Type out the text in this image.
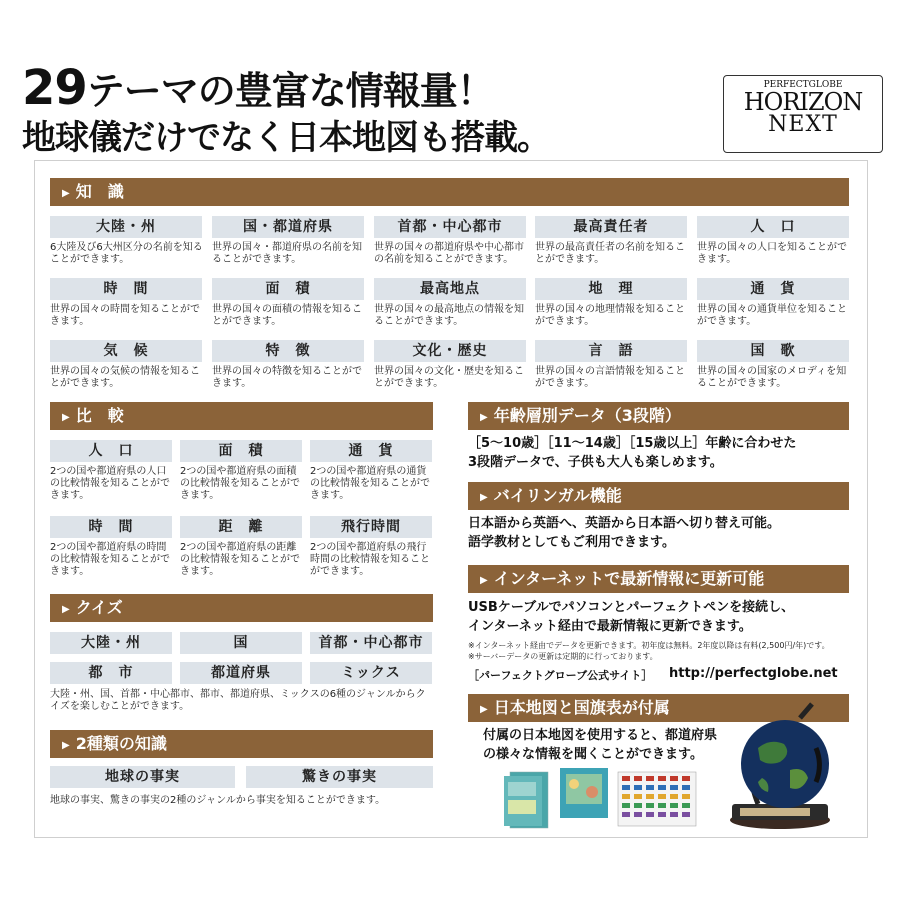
29テーマの豊富な情報量！
地球儀だけでなく日本地図も搭載。
PERFECTGLOBE
HORIZON
NEXT
▶ 知　識
大陸・州
6大陸及び6大州区分の名前を知ることができます。
国・都道府県
世界の国々・都道府県の名前を知ることができます。
首都・中心都市
世界の国々の都道府県や中心都市の名前を知ることができます。
最高責任者
世界の最高責任者の名前を知ることができます。
人　口
世界の国々の人口を知ることができます。
時　間
世界の国々の時間を知ることができます。
面　積
世界の国々の面積の情報を知ることができます。
最高地点
世界の国々の最高地点の情報を知ることができます。
地　理
世界の国々の地理情報を知ることができます。
通　貨
世界の国々の通貨単位を知ることができます。
気　候
世界の国々の気候の情報を知ることができます。
特　徴
世界の国々の特徴を知ることができます。
文化・歴史
世界の国々の文化・歴史を知ることができます。
言　語
世界の国々の言語情報を知ることができます。
国　歌
世界の国々の国家のメロディを知ることができます。
▶ 比　較
人　口
2つの国や都道府県の人口の比較情報を知ることができます。
面　積
2つの国や都道府県の面積の比較情報を知ることができます。
通　貨
2つの国や都道府県の通貨の比較情報を知ることができます。
時　間
2つの国や都道府県の時間の比較情報を知ることができます。
距　離
2つの国や都道府県の距離の比較情報を知ることができます。
飛行時間
2つの国や都道府県の飛行時間の比較情報を知ることができます。
▶ クイズ
大陸・州	国	首都・中心都市
都　市	都道府県	ミックス
大陸・州、国、首都・中心都市、都市、都道府県、ミックスの6種のジャンルからクイズを楽しむことができます。
▶ 2種類の知識
地球の事実	驚きの事実
地球の事実、驚きの事実の2種のジャンルから事実を知ることができます。
▶ 年齢層別データ（3段階）
［5〜10歳］［11〜14歳］［15歳以上］年齢に合わせた
3段階データで、子供も大人も楽しめます。
▶ バイリンガル機能
日本語から英語へ、英語から日本語へ切り替え可能。
語学教材としてもご利用できます。
▶ インターネットで最新情報に更新可能
USBケーブルでパソコンとパーフェクトペンを接続し、
インターネット経由で最新情報に更新できます。
※インターネット経由でデータを更新できます。初年度は無料。2年度以降は有料(2,500円/年)です。
※サーバーデータの更新は定期的に行っております。
［パーフェクトグローブ公式サイト］ http://perfectglobe.net
▶ 日本地図と国旗表が付属
付属の日本地図を使用すると、都道府県
の様々な情報を聞くことができます。
